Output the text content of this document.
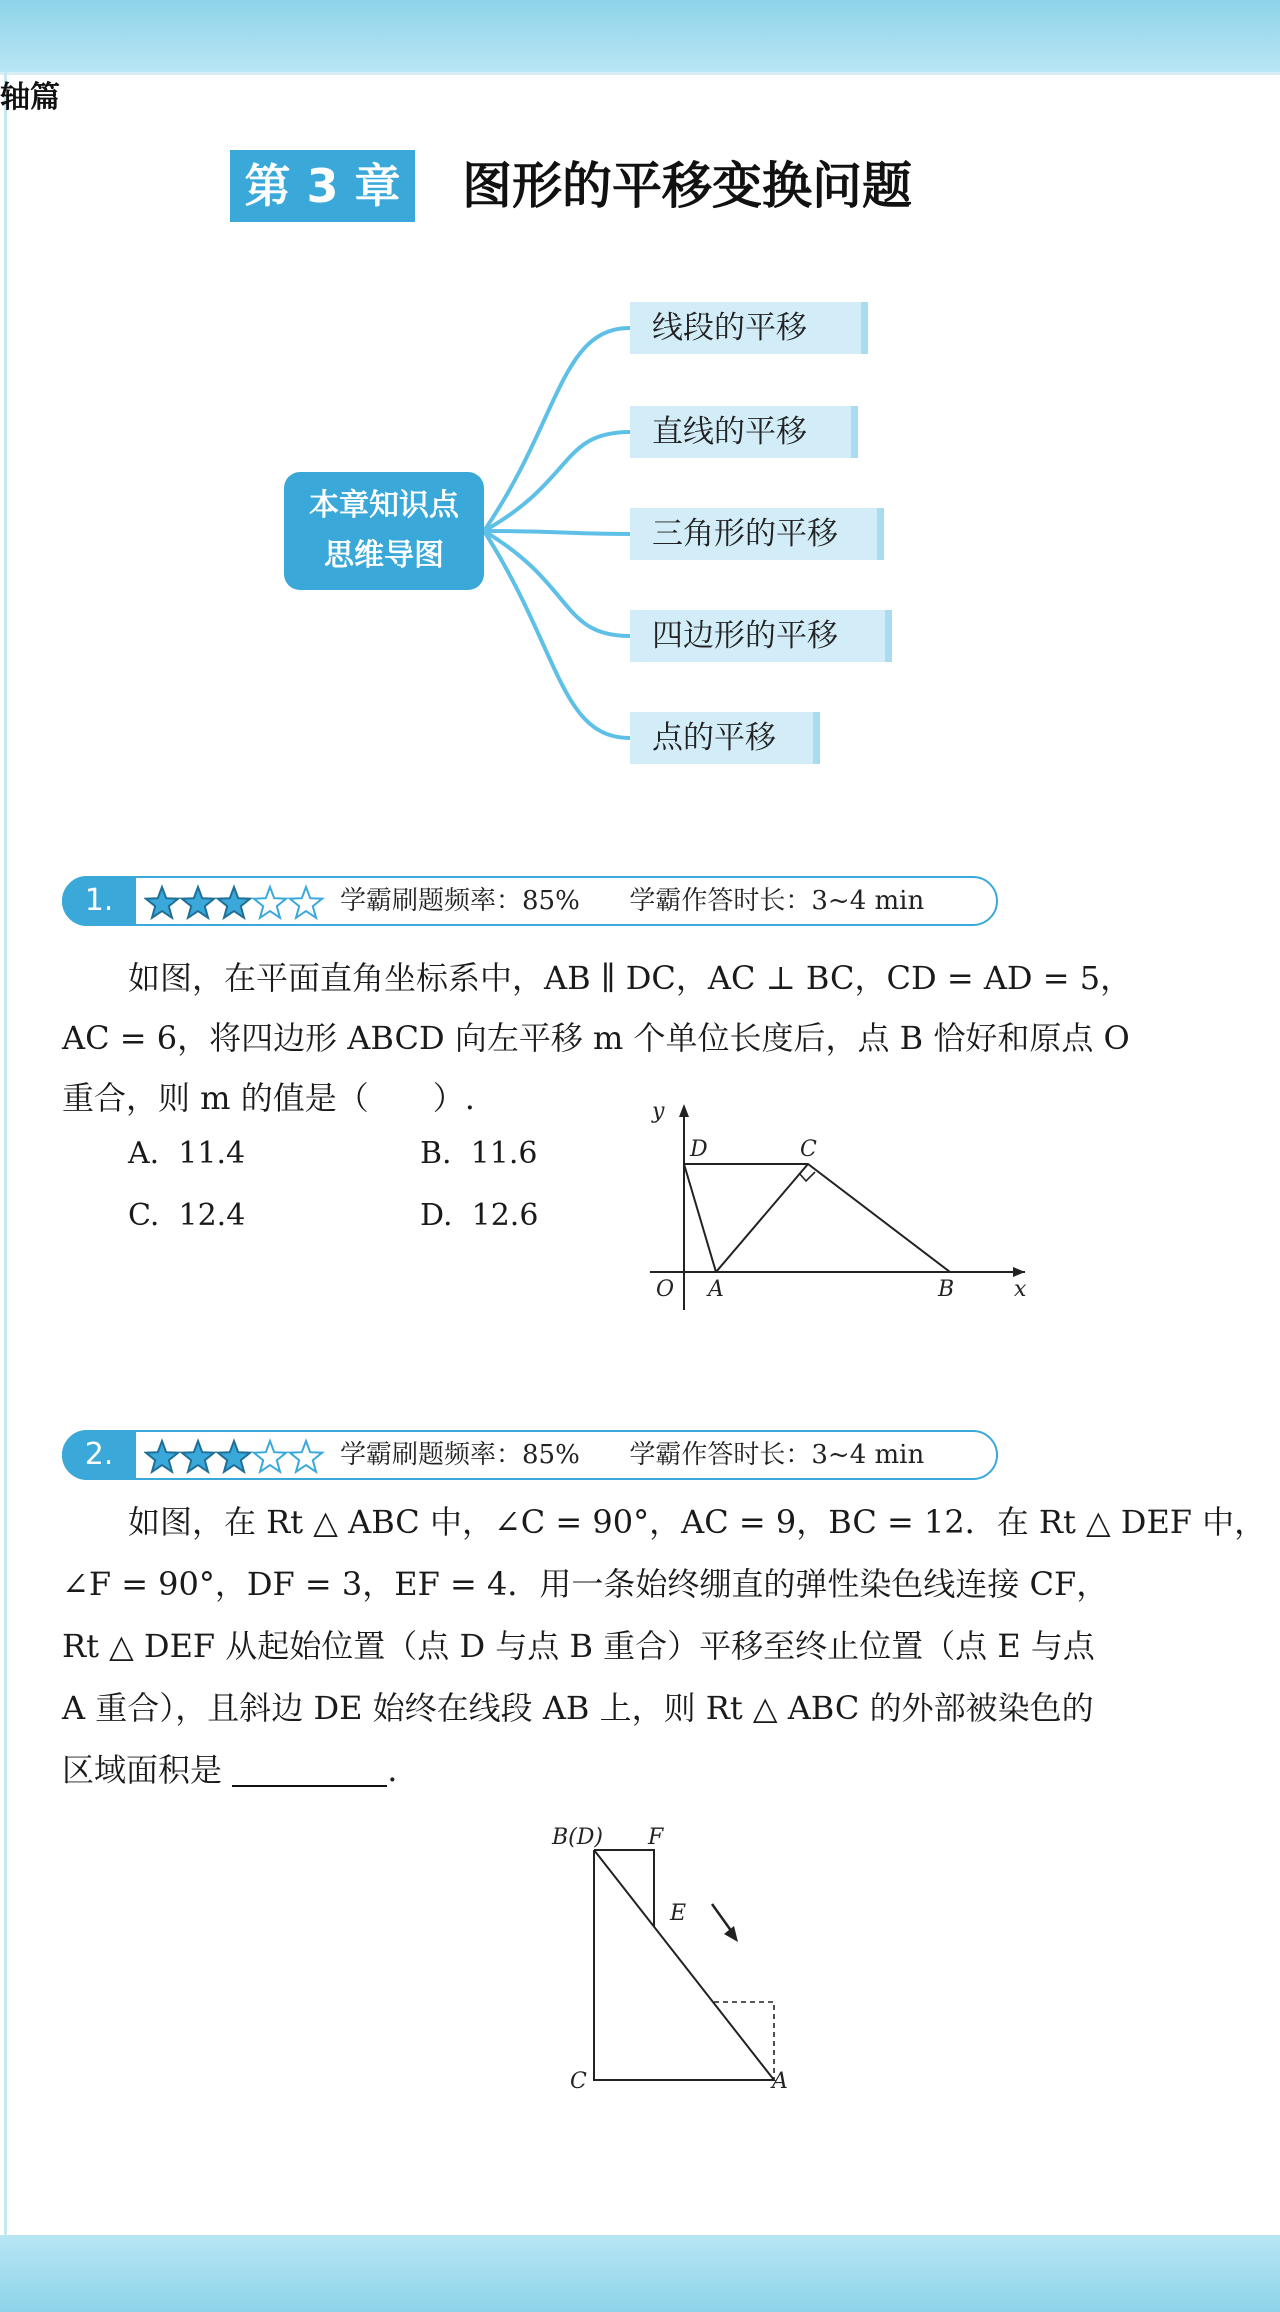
轴篇
第 3 章 图形的平移变换问题
本章知识点
思维导图
线段的平移
直线的平移
三角形的平移
四边形的平移
点的平移
1.	学霸刷题频率：85%      学霸作答时长：3~4 min
如图，在平面直角坐标系中，AB ∥ DC，AC ⊥ BC，CD = AD = 5，
AC = 6，将四边形 ABCD 向左平移 m 个单位长度后，点 B 恰好和原点 O
重合，则 m 的值是（　　）.
A. 11.4	B. 11.6
C. 12.4	D. 12.6
y
x
O A	B
C
D
2.	学霸刷题频率：85%      学霸作答时长：3~4 min
如图，在 Rt △ ABC 中，∠C = 90°，AC = 9，BC = 12．在 Rt △ DEF 中，
∠F = 90°，DF = 3，EF = 4．用一条始终绷直的弹性染色线连接 CF，
Rt △ DEF 从起始位置（点 D 与点 B 重合）平移至终止位置（点 E 与点
A 重合），且斜边 DE 始终在线段 AB 上，则 Rt △ ABC 的外部被染色的
区域面积是	.
B(D) F
E
C	A
